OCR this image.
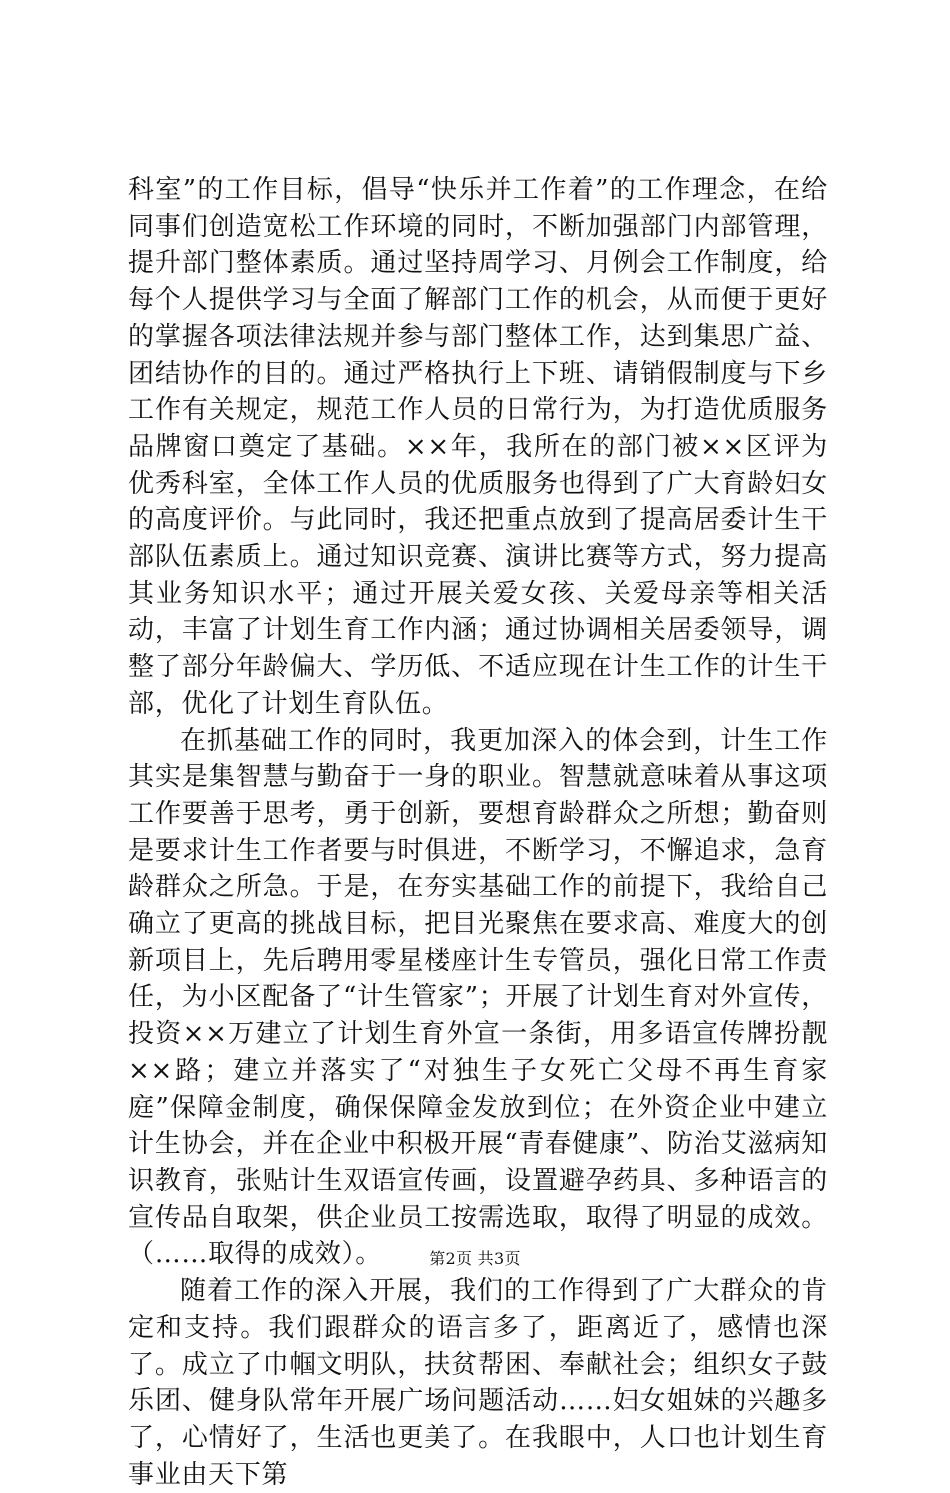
科室”的工作目标，倡导“快乐并工作着”的工作理念，在给同事们创造宽松工作环境的同时，不断加强部门内部管理，提升部门整体素质。通过坚持周学习、月例会工作制度，给每个人提供学习与全面了解部门工作的机会，从而便于更好的掌握各项法律法规并参与部门整体工作，达到集思广益、团结协作的目的。通过严格执行上下班、请销假制度与下乡工作有关规定，规范工作人员的日常行为，为打造优质服务品牌窗口奠定了基础。××年，我所在的部门被××区评为优秀科室，全体工作人员的优质服务也得到了广大育龄妇女的高度评价。与此同时，我还把重点放到了提高居委计生干部队伍素质上。通过知识竞赛、演讲比赛等方式，努力提高其业务知识水平；通过开展关爱女孩、关爱母亲等相关活动，丰富了计划生育工作内涵；通过协调相关居委领导，调整了部分年龄偏大、学历低、不适应现在计生工作的计生干部，优化了计划生育队伍。

在抓基础工作的同时，我更加深入的体会到，计生工作其实是集智慧与勤奋于一身的职业。智慧就意味着从事这项工作要善于思考，勇于创新，要想育龄群众之所想；勤奋则是要求计生工作者要与时俱进，不断学习，不懈追求，急育龄群众之所急。于是，在夯实基础工作的前提下，我给自己确立了更高的挑战目标，把目光聚焦在要求高、难度大的创新项目上，先后聘用零星楼座计生专管员，强化日常工作责任，为小区配备了“计生管家”；开展了计划生育对外宣传，投资××万建立了计划生育外宣一条街，用多语宣传牌扮靓××路；建立并落实了“对独生子女死亡父母不再生育家庭”保障金制度，确保保障金发放到位；在外资企业中建立计生协会，并在企业中积极开展“青春健康”、防治艾滋病知识教育，张贴计生双语宣传画，设置避孕药具、多种语言的宣传品自取架，供企业员工按需选取，取得了明显的成效。（……取得的成效）。

随着工作的深入开展，我们的工作得到了广大群众的肯定和支持。我们跟群众的语言多了，距离近了，感情也深了。成立了巾帼文明队，扶贫帮困、奉献社会；组织女子鼓乐团、健身队常年开展广场问题活动……妇女姐妹的兴趣多了，心情好了，生活也更美了。在我眼中，人口也计划生育事业由天下第

第2页 共3页
